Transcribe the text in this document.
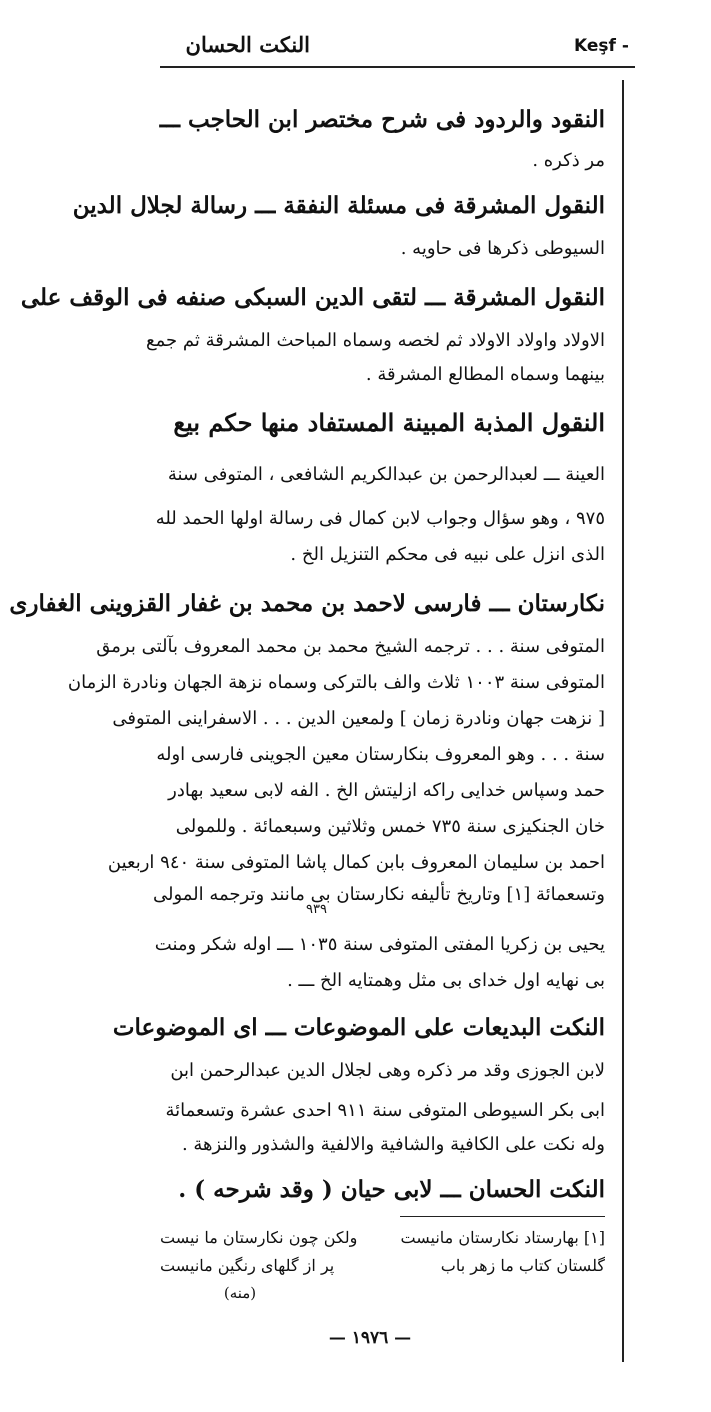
النكت الحسان	Keşf -

النقود والردود فى شرح مختصر ابن الحاجب ـــ

مر ذكره .

النقول المشرقة فى مسئلة النفقة ـــ رسالة لجلال الدين

السيوطى ذكرها فى حاويه .

النقول المشرقة ـــ لتقى الدين السبكى صنفه فى الوقف على

الاولاد واولاد الاولاد ثم لخصه وسماه المباحث المشرقة ثم جمع

بينهما وسماه المطالع المشرقة .

النقول المذبة المبينة المستفاد منها حكم بيع

العينة ـــ لعبدالرحمن بن عبدالكريم الشافعى ، المتوفى سنة

٩٧٥ ، وهو سؤال وجواب لابن كمال فى رسالة اولها الحمد لله

الذى انزل على نبيه فى محكم التنزيل الخ .

نكارستان ـــ فارسى لاحمد بن محمد بن غفار القزوينى الغفارى

المتوفى سنة . . . ترجمه الشيخ محمد بن محمد المعروف بآلتى برمق

المتوفى سنة ١٠٠٣ ثلاث والف بالتركى وسماه نزهة الجهان ونادرة الزمان

[ نزهت جهان ونادرة زمان ] ولمعين الدين . . . الاسفراينى المتوفى

سنة . . . وهو المعروف بنكارستان معين الجوينى فارسى اوله

حمد وسپاس خدايى راكه ازليتش الخ . الفه لابى سعيد بهادر

خان الجنكيزى سنة ٧٣٥ خمس وثلاثين وسبعمائة . وللمولى

احمد بن سليمان المعروف بابن كمال پاشا المتوفى سنة ٩٤٠ اربعين

وتسعمائة [١] وتاريخ تأليفه نكارستان بى مانند وترجمه المولى

٩٣٩

يحيى بن زكريا المفتى المتوفى سنة ١٠٣٥ ـــ اوله شكر ومنت

بى نهايه اول خداى بى مثل وهمتايه الخ ـــ .

النكت البديعات على الموضوعات ـــ اى الموضوعات

لابن الجوزى وقد مر ذكره وهى لجلال الدين عبدالرحمن ابن

ابى بكر السيوطى المتوفى سنة ٩١١ احدى عشرة وتسعمائة

وله نكت على الكافية والشافية والالفية والشذور والنزهة .

النكت الحسان ـــ لابى حيان ( وقد شرحه ) .

[١] بهارستاد نكارستان مانيست
ولكن چون نكارستان ما نيست
گلستان كتاب ما زهر باب
پر از گلهاى رنگين مانيست
(منه)
— ١٩٧٦ —
